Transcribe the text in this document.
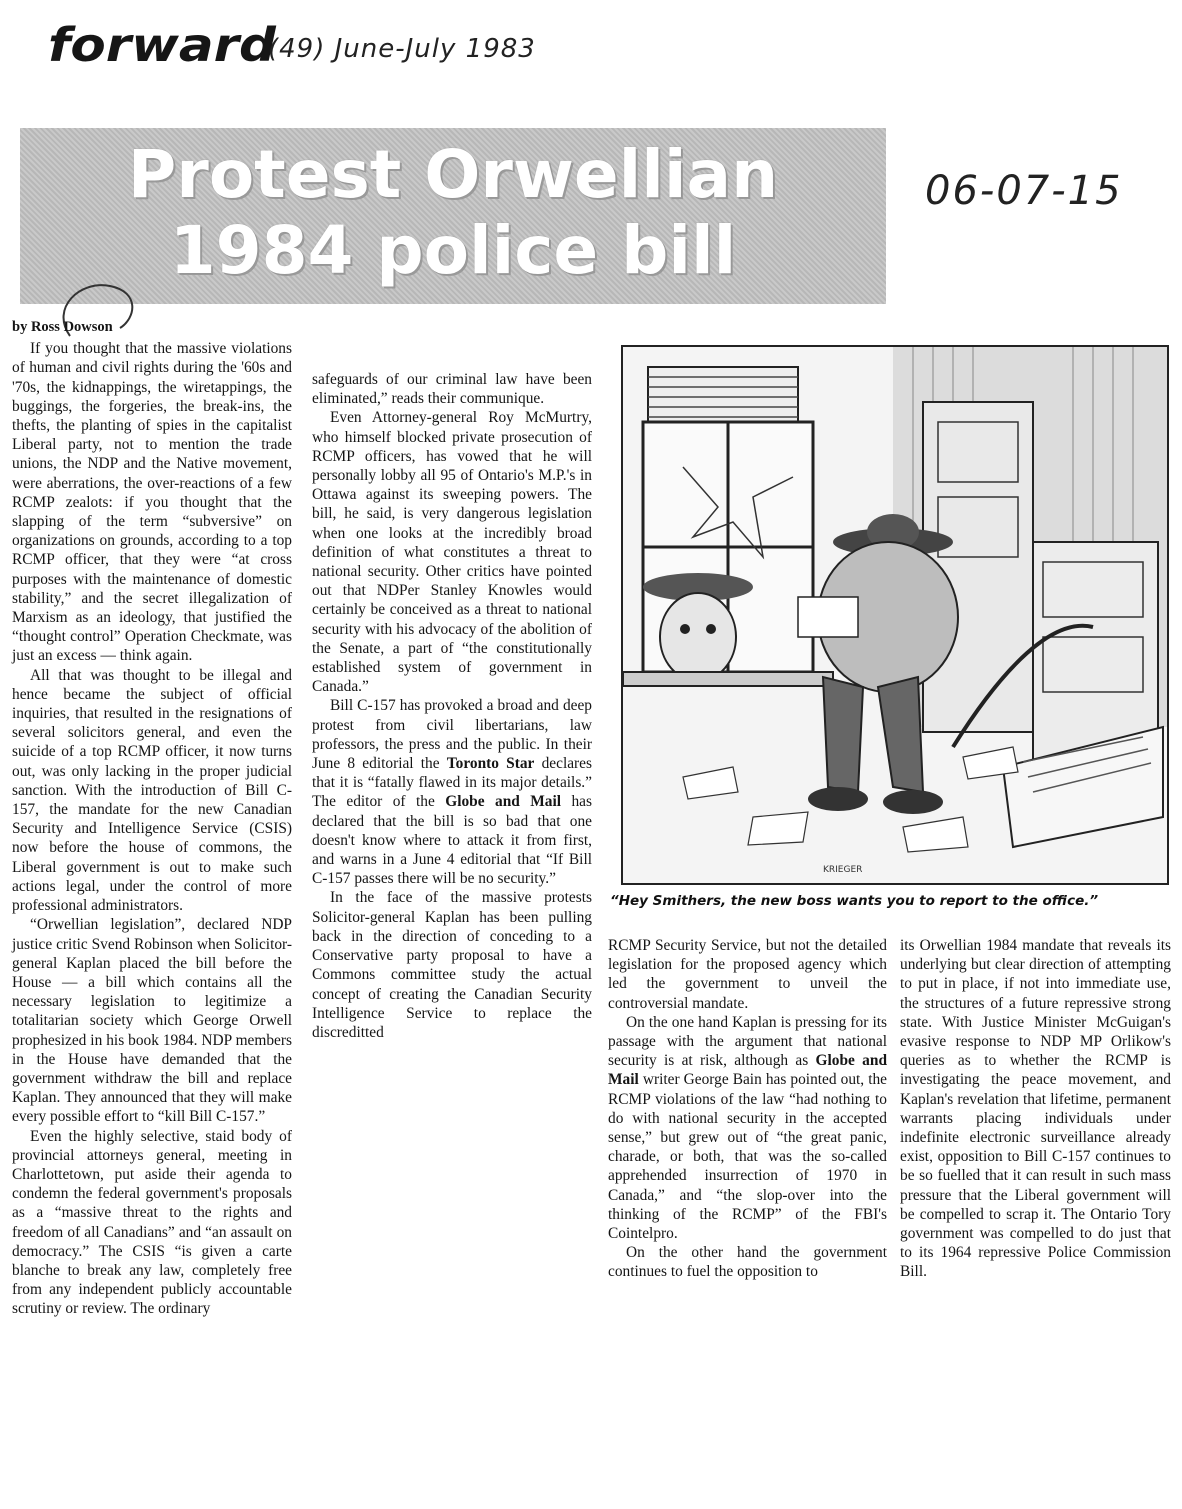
forward
(49) June-July 1983
06-07-15
Protest Orwellian
1984 police bill

by Ross Dowson

If you thought that the massive violations of human and civil rights during the '60s and '70s, the kidnappings, the wiretappings, the buggings, the forgeries, the break-ins, the thefts, the planting of spies in the capitalist Liberal party, not to mention the trade unions, the NDP and the Native movement, were aberrations, the over-reactions of a few RCMP zealots: if you thought that the slapping of the term “subversive” on organizations on grounds, according to a top RCMP officer, that they were “at cross purposes with the maintenance of domestic stability,” and the secret illegalization of Marxism as an ideology, that justified the “thought control” Operation Checkmate, was just an excess — think again.

All that was thought to be illegal and hence became the subject of official inquiries, that resulted in the resignations of several solicitors general, and even the suicide of a top RCMP officer, it now turns out, was only lacking in the proper judicial sanction. With the introduction of Bill C-157, the mandate for the new Canadian Security and Intelligence Service (CSIS) now before the house of commons, the Liberal government is out to make such actions legal, under the control of more professional administrators.

“Orwellian legislation”, declared NDP justice critic Svend Robinson when Solicitor-general Kaplan placed the bill before the House — a bill which contains all the necessary legislation to legitimize a totalitarian society which George Orwell prophesized in his book 1984. NDP members in the House have demanded that the government withdraw the bill and replace Kaplan. They announced that they will make every possible effort to “kill Bill C-157.”

Even the highly selective, staid body of provincial attorneys general, meeting in Charlottetown, put aside their agenda to condemn the federal government's proposals as a “massive threat to the rights and freedom of all Canadians” and “an assault on democracy.” The CSIS “is given a carte blanche to break any law, completely free from any independent publicly accountable scrutiny or review. The ordinary

safeguards of our criminal law have been eliminated,” reads their communique.

Even Attorney-general Roy McMurtry, who himself blocked private prosecution of RCMP officers, has vowed that he will personally lobby all 95 of Ontario's M.P.'s in Ottawa against its sweeping powers. The bill, he said, is very dangerous legislation when one looks at the incredibly broad definition of what constitutes a threat to national security. Other critics have pointed out that NDPer Stanley Knowles would certainly be conceived as a threat to national security with his advocacy of the abolition of the Senate, a part of “the constitutionally established system of government in Canada.”

Bill C-157 has provoked a broad and deep protest from civil libertarians, law professors, the press and the public. In their June 8 editorial the Toronto Star declares that it is “fatally flawed in its major details.” The editor of the Globe and Mail has declared that the bill is so bad that one doesn't know where to attack it from first, and warns in a June 4 editorial that “If Bill C-157 passes there will be no security.”

In the face of the massive protests Solicitor-general Kaplan has been pulling back in the direction of conceding to a Conservative party proposal to have a Commons committee study the actual concept of creating the Canadian Security Intelligence Service to replace the discreditted

KRIEGER
“Hey Smithers, the new boss wants you to report to the office.”

RCMP Security Service, but not the detailed legislation for the proposed agency which led the government to unveil the controversial mandate.

On the one hand Kaplan is pressing for its passage with the argument that national security is at risk, although as Globe and Mail writer George Bain has pointed out, the RCMP violations of the law “had nothing to do with national security in the accepted sense,” but grew out of “the great panic, charade, or both, that was the so-called apprehended insurrection of 1970 in Canada,” and “the slop-over into the thinking of the RCMP” of the FBI's Cointelpro.

On the other hand the government continues to fuel the opposition to

its Orwellian 1984 mandate that reveals its underlying but clear direction of attempting to put in place, if not into immediate use, the structures of a future repressive strong state. With Justice Minister McGuigan's evasive response to NDP MP Orlikow's queries as to whether the RCMP is investigating the peace movement, and Kaplan's revelation that lifetime, permanent warrants placing individuals under indefinite electronic surveillance already exist, opposition to Bill C-157 continues to be so fuelled that it can result in such mass pressure that the Liberal government will be compelled to scrap it. The Ontario Tory government was compelled to do just that to its 1964 repressive Police Commission Bill.
